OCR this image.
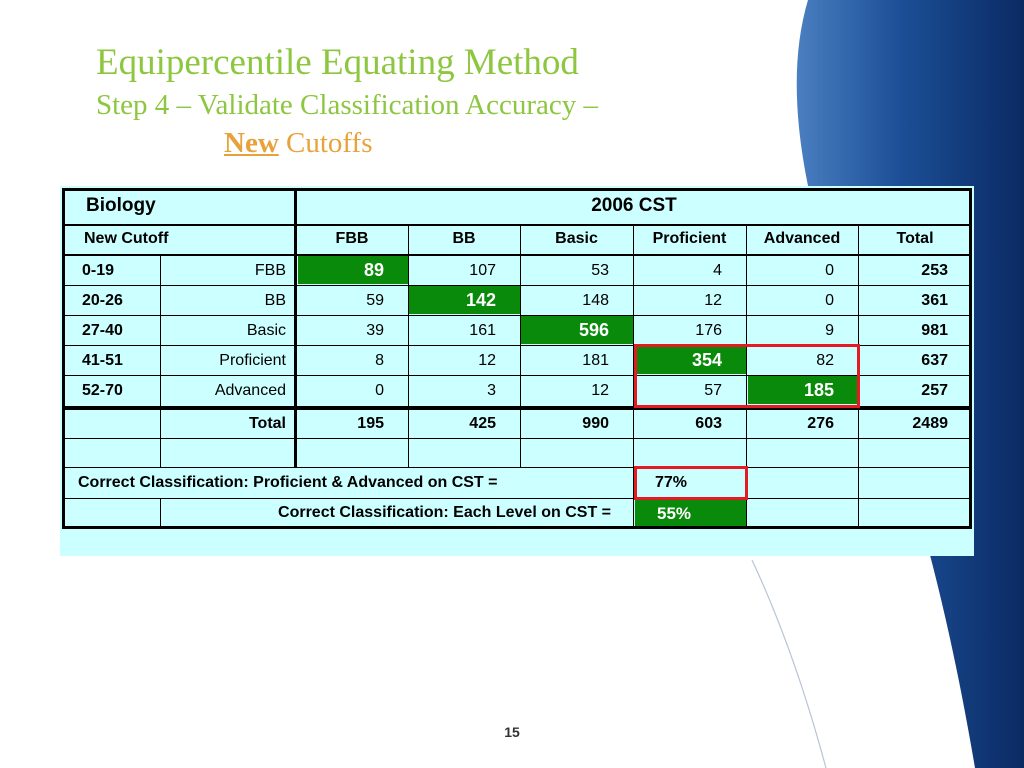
Equipercentile Equating Method
Step 4 – Validate Classification Accuracy –
New Cutoffs
Biology	2006 CST
New Cutoff	FBB	BB	Basic	Proficient	Advanced	Total
0-19	FBB	89	107	53	4	0	253
20-26	BB	59	142	148	12	0	361
27-40	Basic	39	161	596	176	9	981
41-51	Proficient	8	12	181	354	82	637
52-70	Advanced	0	3	12	57	185	257
Total	195	425	990	603	276	2489
Correct Classification: Proficient & Advanced on CST =	77%
Correct Classification: Each Level on CST =	55%
15
